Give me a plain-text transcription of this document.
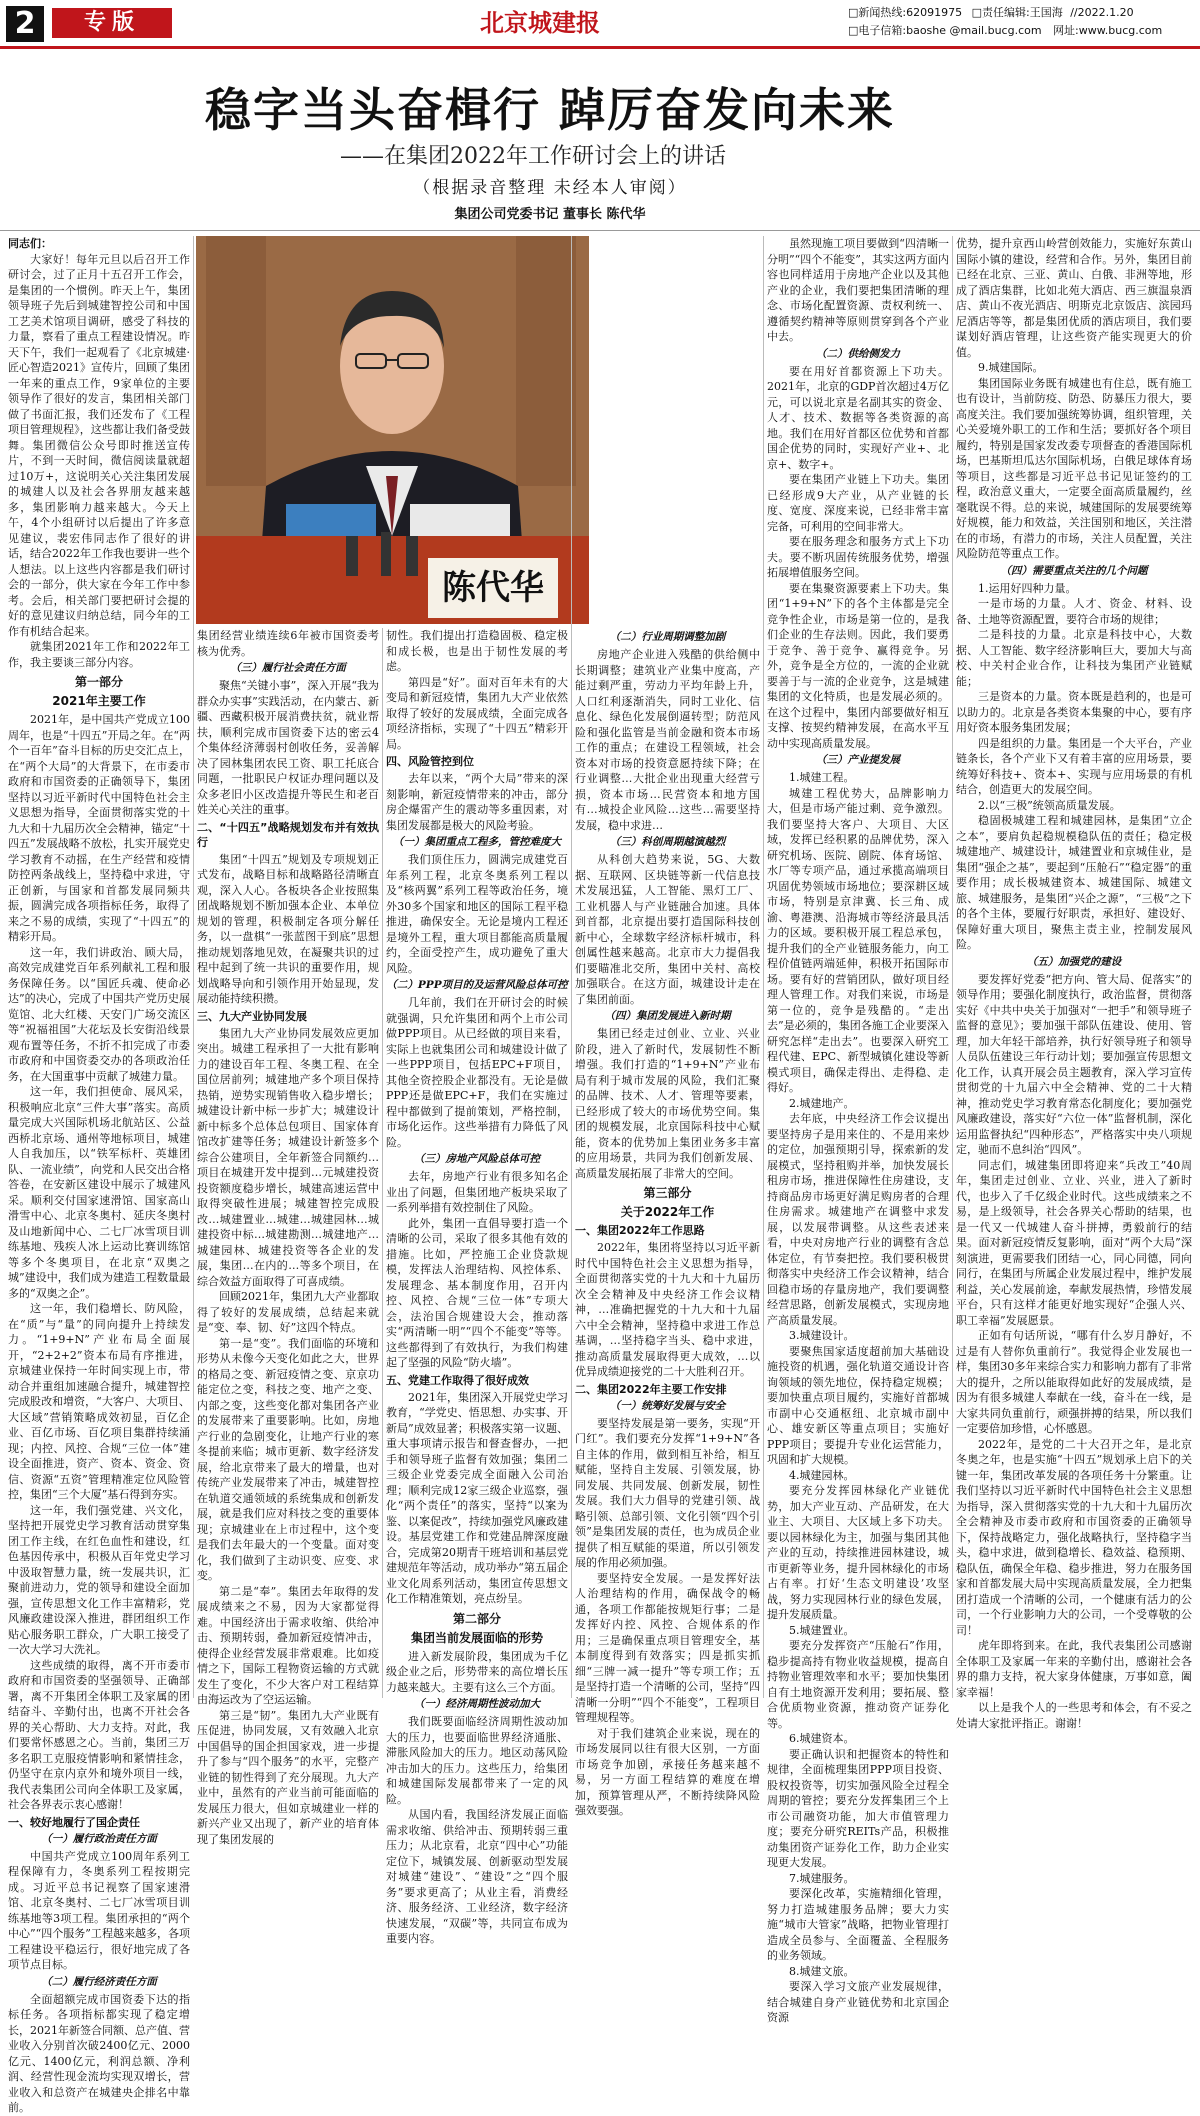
2	专版	北京城建报	□新闻热线:62091975 □责任编辑:王国海 //2022.1.20
□电子信箱:baoshe @mail.bucg.com 网址:www.bucg.com
稳字当头奋楫行 踔厉奋发向未来
——在集团2022年工作研讨会上的讲话
（根据录音整理 未经本人审阅）
集团公司党委书记 董事长 陈代华
陈代华

同志们：

大家好！每年元旦以后召开工作研讨会，过了正月十五召开工作会，是集团的一个惯例。昨天上午，集团领导班子先后到城建智控公司和中国工艺美术馆项目调研，感受了科技的力量，察看了重点工程建设情况。昨天下午，我们一起观看了《北京城建·匠心智造2021》宣传片，回顾了集团一年来的重点工作，9家单位的主要领导作了很好的发言，集团相关部门做了书面汇报，我们还发布了《工程项目管理规程》，这些都让我们备受鼓舞。集团微信公众号即时推送宣传片，不到一天时间，微信阅读量就超过10万+，这说明关心关注集团发展的城建人以及社会各界朋友越来越多，集团影响力越来越大。今天上午，4个小组研讨以后提出了许多意见建议，裴宏伟同志作了很好的讲话，结合2022年工作我也要讲一些个人想法。以上这些内容都是我们研讨会的一部分，供大家在今年工作中参考。会后，相关部门要把研讨会提的好的意见建议归纳总结，同今年的工作有机结合起来。

就集团2021年工作和2022年工作，我主要谈三部分内容。

第一部分
2021年主要工作

2021年，是中国共产党成立100周年，也是“十四五”开局之年。在“两个一百年”奋斗目标的历史交汇点上，在“两个大局”的大背景下，在市委市政府和市国资委的正确领导下，集团坚持以习近平新时代中国特色社会主义思想为指导，全面贯彻落实党的十九大和十九届历次全会精神，锚定“十四五”发展战略不放松，扎实开展党史学习教育不动摇，在生产经营和疫情防控两条战线上，坚持稳中求进，守正创新，与国家和首都发展同频共振，圆满完成各项指标任务，取得了来之不易的成绩，实现了“十四五”的精彩开局。

这一年，我们讲政治、顾大局，高效完成建党百年系列献礼工程和服务保障任务。以“国匠兵魂、使命必达”的决心，完成了中国共产党历史展览馆、北大红楼、天安门广场交流区等“祝福祖国”大花坛及长安街沿线景观布置等任务，不折不扣完成了市委市政府和中国资委交办的各项政治任务，在大国重事中贡献了城建力量。

这一年，我们担使命、展风采，积极响应北京“三件大事”落实。高质量完成大兴国际机场北航站区、公益西桥北京场、通州等地标项目，城建人自我加压，以“铁军标杆、英雄团队、一流业绩”，向党和人民交出合格答卷，在安新区建设中展示了城建风采。顺利交付国家速滑馆、国家高山滑雪中心、北京冬奥村、延庆冬奥村及山地新闻中心、二七厂冰雪项目训练基地、残疾人冰上运动比赛训练馆等多个冬奥项目，在北京“双奥之城”建设中，我们成为建造工程数量最多的“双奥之企”。

这一年，我们稳增长、防风险，在“质”与“量”的同向提升上持续发力。“1+9+N”产业布局全面展开，“2+2+2”资本布局有序推进，京城建业保持一年时间实现上市，带动合并重组加速融合提升，城建智控完成股改和增资，“大客户、大项目、大区域”营销策略成效初显，百亿企业、百亿市场、百亿项目集群持续涌现；内控、风控、合规“三位一体”建设全面推进，资产、资本、资金、资信、资源“五资”管理精准定位风险管控，集团“三个大厦”基石得到夯实。

这一年，我们强党建、兴文化，坚持把开展党史学习教育活动贯穿集团工作主线，在红色血性和建设，红色基因传承中，积极从百年党史学习中汲取智慧力量，统一发展共识，汇聚前进动力，党的领导和建设全面加强，宣传思想文化工作丰富精彩，党风廉政建设深入推进，群团组织工作贴心服务职工群众，广大职工接受了一次大学习大洗礼。

这些成绩的取得，离不开市委市政府和市国资委的坚强领导、正确部署，离不开集团全体职工及家属的团结奋斗、辛勤付出，也离不开社会各界的关心帮助、大力支持。对此，我们要常怀感恩之心。当前，集团三万多名职工克服疫情影响和紧情挂念，仍坚守在京内京外和境外项目一线，我代表集团公司向全体职工及家属，社会各界表示衷心感谢！

一、较好地履行了国企责任
（一）履行政治责任方面

中国共产党成立100周年系列工程保障有力，冬奥系列工程按期完成。习近平总书记视察了国家速滑馆、北京冬奥村、二七厂冰雪项目训练基地等3项工程。集团承担的“两个中心”“四个服务”工程越来越多，各项工程建设平稳运行，很好地完成了各项节点目标。

（二）履行经济责任方面

全面超额完成市国资委下达的指标任务。各项指标都实现了稳定增长，2021年新签合同额、总产值、营业收入分别首次破2400亿元、2000亿元、1400亿元，利润总额、净利润、经营性现金流均实现双增长，营业收入和总资产在城建央企排名中靠前。

集团经营业绩连续6年被市国资委考核为优秀。

（三）履行社会责任方面

聚焦“关键小事”，深入开展“我为群众办实事”实践活动，在内蒙古、新疆、西藏积极开展消费扶贫，就业帮扶，顺利完成市国资委下达的密云4个集体经济薄弱村创收任务，妥善解决了园林集团农民工资、职工托底合同题，一批职民户权证办理问题以及众多老旧小区改造提升等民生和老百姓关心关注的重事。

二、“十四五”战略规划发布并有效执行

集团“十四五”规划及专项规划正式发布，战略目标和战略路径清晰直观，深入人心。各板块各企业按照集团战略规划不断加强本企业、本单位规划的管理，积极制定各项分解任务，以一盘棋“一张蓝图干到底”思想推动规划落地见效，在凝聚共识的过程中起到了统一共识的重要作用，规划战略导向和引领作用开始显现，发展动能持续积攒。

三、九大产业协同发展

集团九大产业协同发展效应更加突出。城建工程承担了一大批有影响力的建设百年工程、冬奥工程、在全国位居前列；城建地产多个项目保持热销，逆势实现销售收入稳步增长；城建设计新中标一步扩大；城建设计新中标多个总体总包项目、国家体育馆改扩建等任务；城建设计新签多个综合公建项目，全年新签合同额约…项目在城建开发中提到…元城建投资投资额度稳步增长，城建高速运营中取得突破性进展；城建智控完成股改…城建置业…城建…城建园林…城建投资中标…城建勘测…城建地产…城建园林、城建投资等各企业的发展，集团…在内的…等多个项目，在综合效益方面取得了可喜成绩。

回顾2021年，集团九大产业都取得了较好的发展成绩，总结起来就是“变、奉、韧、好”这四个特点。

第一是“变”。我们面临的环境和形势从未像今天变化如此之大，世界的格局之变、新冠疫情之变、京京功能定位之变，科技之变、地产之变、内部之变，这些变化都对集团各产业的发展带来了重要影响。比如，房地产行业的急剧变化，让地产行业的寒冬提前来临；城市更新、数字经济发展，给北京带来了最大的增量，也对传统产业发展带来了冲击，城建智控在轨道交通领域的系统集成和创新发展，就是我们应对科技之变的重要体现；京城建业在上市过程中，这个变是我们去年最大的一个变量。面对变化，我们做到了主动识变、应变、求变。

第二是“奉”。集团去年取得的发展成绩来之不易，因为大家都觉得难。中国经济出于需求收缩、供给冲击、预期转弱，叠加新冠疫情冲击，使得企业经营发展非常艰难。比如疫情之下，国际工程物资运输的方式就发生了变化，不少大客户对工程结算由海运改为了空运运输。

第三是“韧”。集团九大产业既有压促进，协同发展，又有效融入北京中国倡导的国企担国家戏，进一步提升了参与“四个服务”的水平，完整产业链的韧性得到了充分展现。九大产业中，虽然有的产业当前可能面临的发展压力很大，但如京城建业一样的新兴产业又出现了，新产业的培育体现了集团发展的

韧性。我们提出打造稳固极、稳定极和成长极，也是出于韧性发展的考虑。

第四是“好”。面对百年未有的大变局和新冠疫情，集团九大产业依然取得了较好的发展成绩，全面完成各项经济指标，实现了“十四五”精彩开局。

四、风险管控到位

去年以来，“两个大局”带来的深刻影响，新冠疫情带来的冲击，部分房企爆雷产生的震动等多重因素，对集团发展都是极大的风险考验。

（一）集团重点工程多，管控难度大

我们顶住压力，圆满完成建党百年系列工程，北京冬奥系列工程以及“核两翼”系列工程等政治任务，境外30多个国家和地区的国际工程平稳推进，确保安全。无论是境内工程还是境外工程，重大项目都能高质量履约，全面受控产生，成功避免了重大风险。

（二）PPP项目的及运营风险总体可控

几年前，我们在开研讨会的时候就强调，只允许集团和两个上市公司做PPP项目。从已经做的项目来看，实际上也就集团公司和城建设计做了一些PPP项目，包括EPC+F项目，其他全资控股企业都没有。无论是做PPP还是做EPC+F，我们在实施过程中都做到了提前策划，严格控制，市场化运作。这些举措有力降低了风险。

（三）房地产风险总体可控

去年，房地产行业有很多知名企业出了问题，但集团地产板块采取了一系列举措有效控制住了风险。

此外，集团一直倡导要打造一个清晰的公司，采取了很多其他有效的措施。比如，严控施工企业贷款规模，发挥法人治理结构、风控体系、发展理念、基本制度作用，召开内控、风控、合规“三位一体”专项大会，法治国合规建设大会，推动落实“两清晰一明”“四个不能变”等等。这些都得到了有效执行，为我们构建起了坚强的风险“防火墙”。

五、党建工作取得了很好成效

2021年，集团深入开展党史学习教育，“学党史、悟思想、办实事、开新局”成效显著；积极落实第一议题、重大事项请示报告和督查督办，一把手和领导班子监督有效加强；集团二三级企业党委完成全面融入公司治理；顺利完成12家三级企业巡察，强化“两个责任”的落实，坚持“以案为鉴、以案促改”，持续加强党风廉政建设。基层党建工作和党建品牌深度融合，完成第20期青干班培训和基层党建规范年等活动，成功举办“第五届企业文化周系列活动，集团宣传思想文化工作精准策划，亮点纷呈。

第二部分
集团当前发展面临的形势

进入新发展阶段，集团成为千亿级企业之后，形势带来的高位增长压力越来越大。主要有这么三个方面。

（一）经济周期性波动加大

我们既要面临经济周期性波动加大的压力，也要面临世界经济通胀、滞胀风险加大的压力。地区动荡风险冲击加大的压力。这些压力，给集团和城建国际发展都带来了一定的风险。

从国内看，我国经济发展正面临需求收缩、供给冲击、预期转弱三重压力；从北京看，北京“四中心”功能定位下，城镇发展、创新驱动型发展对城建“建设”、“建设”之“四个服务”要求更高了；从业主看，消费经济、服务经济、工业经济，数字经济快速发展，“双碳”等，共同宣布成为重要内容。

（二）行业周期调整加剧

房地产企业进入残酷的供给侧中长期调整；建筑业产业集中度高，产能过剩严重，劳动力平均年龄上升，人口红利逐渐消失，同时工业化、信息化、绿色化发展倒逼转型；防范风险和强化监管是当前金融和资本市场工作的重点；在建设工程领域，社会资本对市场的投资意愿持续下降；在行业调整…大批企业出现重大经营亏损，资本市场…民营资本和地方国有…城投企业风险…这些…需要坚持发展，稳中求进…

（三）科创周期越演越烈

从科创大趋势来说，5G、大数据、互联网、区块链等新一代信息技术发展迅猛，人工智能、黑灯工厂、工业机器人与产业链融合加速。具体到首都，北京提出要打造国际科技创新中心，全球数字经济标杆城市，科创属性越来越高。北京市大力提倡我们要瞄准北交所，集团中关村、高校加强联合。在这方面，城建设计走在了集团前面。

（四）集团发展进入新时期

集团已经走过创业、立业、兴业阶段，进入了新时代，发展韧性不断增强。我们打造的“1+9+N”产业布局有利于城市发展的风险，我们汇聚的品牌、技术、人才、管理等要素，已经形成了较大的市场优势空间。集团的规模发展，北京国际科技中心赋能，资本的优势加上集团业务多丰富的应用场景，共同为我们创新发展、高质量发展拓展了非常大的空间。

第三部分
关于2022年工作
一、集团2022年工作思路

2022年，集团将坚持以习近平新时代中国特色社会主义思想为指导，全面贯彻落实党的十九大和十九届历次全会精神及中央经济工作会议精神，…准确把握党的十九大和十九届六中全会精神，坚持稳中求进工作总基调，…坚持稳字当头、稳中求进，推动高质量发展取得更大成效，…以优异成绩迎接党的二十大胜利召开。

二、集团2022年主要工作安排
（一）统筹好发展与安全

要坚持发展是第一要务，实现“开门红”。我们要充分发挥“1+9+N”各自主体的作用，做到相互补给，相互赋能，坚持自主发展、引领发展，协同发展、共同发展、创新发展，韧性发展。我们大力倡导的党建引领、战略引领、总部引领、文化引领“四个引领”是集团发展的责任，也为成员企业提供了相互赋能的渠道，所以引领发展的作用必须加强。

要坚持安全发展。一是发挥好法人治理结构的作用，确保战令的畅通，各项工作都能按规矩行事；二是发挥好内控、风控、合规体系的作用；三是确保重点项目管理安全，基本制度得到有效落实；四是抓实抓细“三牌一减一提升”等专项工作；五是坚持打造一个清晰的公司，坚持“四清晰一分明”“四个不能变”，工程项目管理规程等。

对于我们建筑企业来说，现在的市场发展同以往有很大区别，一方面市场竞争加剧，承接任务越来越不易，另一方面工程结算的难度在增加，预算管理从严，不断持续降风险强效要强。

虽然现施工项目要做到“四清晰一分明”“四个不能变”，其实这两方面内容也同样适用于房地产企业以及其他产业的企业，我们要把集团清晰的理念、市场化配置资源、责权利统一、遵循契约精神等原则贯穿到各个产业中去。

（二）供给侧发力

要在用好首都资源上下功夫。2021年，北京的GDP首次超过4万亿元，可以说北京是名副其实的资金、人才、技术、数据等各类资源的高地。我们在用好首都区位优势和首都国企优势的同时，实现好产业+、北京+、数字+。

要在集团产业链上下功夫。集团已经形成9大产业，从产业链的长度、宽度、深度来说，已经非常丰富完备，可利用的空间非常大。

要在服务理念和服务方式上下功夫。要不断巩固传统服务优势，增强拓展增值服务空间。

要在集聚资源要素上下功夫。集团“1+9+N”下的各个主体都是完全竞争性企业，市场是第一位的，是我们企业的生存法则。因此，我们要勇于竞争、善于竞争、赢得竞争。另外，竞争是全方位的，一流的企业就要善于与一流的企业竞争，这是城建集团的文化特质，也是发展必须的。在这个过程中，集团内部要做好相互支撑、按契约精神发展，在高水平互动中实现高质量发展。

（三）产业提发展

1.城建工程。

城建工程优势大，品牌影响力大，但是市场产能过剩、竞争激烈。我们要坚持大客户、大项目、大区域，发挥已经积累的品牌优势，深入研究机场、医院、剧院、体育场馆、水厂等专项产品，通过承揽高端项目巩固优势领域市场地位；要深耕区域市场，特别是京津冀、长三角、成渝、粤港澳、沿海城市等经济最具活力的区域。要积极开展工程总承包，提升我们的全产业链服务能力，向工程价值链两端延伸，积极开拓国际市场。要有好的营销团队，做好项目经理人管理工作。对我们来说，市场是第一位的，竞争是残酷的。“走出去”是必须的，集团各施工企业要深入研究怎样“走出去”。也要深入研究工程代建、EPC、新型城镇化建设等新模式项目，确保走得出、走得稳、走得好。

2.城建地产。

去年底，中央经济工作会议提出要坚持房子是用来住的、不是用来炒的定位，加强预期引导，探索新的发展模式，坚持租购并举，加快发展长租房市场，推进保障性住房建设，支持商品房市场更好满足购房者的合理住房需求。城建地产在调整中求发展，以发展带调整。从这些表述来看，中央对房地产行业的调整有含总体定位，有节奏把控。我们要积极贯彻落实中央经济工作会议精神，结合回稳市场的存量房地产，我们要调整经营思路，创新发展模式，实现房地产高质量发展。

3.城建设计。

要聚焦国家适度超前加大基础设施投资的机遇，强化轨道交通设计咨询领域的领先地位，保持稳定规模；要加快重点项目履约，实施好首都城市副中心交通枢纽、北京城市副中心、雄安新区等重点项目；实施好 PPP项目；要提升专业化运营能力，巩固和扩大规模。

4.城建园林。

要充分发挥园林绿化产业链优势，加大产业互动、产品研发，在大业主、大项目、大区域上多下功夫。要以园林绿化为主，加强与集团其他产业的互动，持续推进园林建设，城市更新等业务，提升园林绿化的市场占有率。打好‘生态文明建设’攻坚战，努力实现园林行业的绿色发展，提升发展质量。

5.城建置业。

要充分发挥资产“压舱石”作用，稳步提高持有物业收益规模，提高自持物业管理效率和水平；要加快集团自有土地资源开发利用；要拓展、整合优质物业资源，推动资产证券化等。

6.城建资本。

要正确认识和把握资本的特性和规律，全面梳理集团PPP项目投资、股权投资等，切实加强风险全过程全周期的管控；要充分发挥集团三个上市公司融资功能，加大市值管理力度；要充分研究REITs产品，积极推动集团资产证券化工作，助力企业实现更大发展。

7.城建服务。

要深化改革，实施精细化管理，努力打造城建服务品牌；要大力实施“城市大管家”战略，把物业管理打造成全员参与、全面覆盖、全程服务的业务领域。

8.城建文旅。

要深入学习文旅产业发展规律，结合城建自身产业链优势和北京国企资源

优势，提升京西山岭营创效能力，实施好东黄山国际小镇的建设，经营和合作。另外，集团目前已经在北京、三亚、黄山、白俄、非洲等地，形成了酒店集群，比如北苑大酒店、西三旗温泉酒店、黄山不夜光酒店、明斯克北京饭店、滨园玛尼酒店等等，都是集团优质的酒店项目，我们要谋划好酒店管理，让这些资产能实现更大的价值。

9.城建国际。

集团国际业务既有城建也有住总，既有施工也有设计，当前防疫、防恐、防暴压力很大，要高度关注。我们要加强统筹协调，组织管理，关心关爱境外职工的工作和生活；要抓好各个项目履约，特别是国家发改委专项督查的香港国际机场，巴基斯坦瓜达尔国际机场，白俄足球体育场等项目，这些都是习近平总书记见证签约的工程，政治意义重大，一定要全面高质量履约，丝毫耽误不得。总的来说，城建国际的发展要统筹好规模，能力和效益，关注国别和地区，关注潜在的市场，有潜力的市场，关注人员配置，关注风险防范等重点工作。

（四）需要重点关注的几个问题

1.运用好四种力量。

一是市场的力量。人才、资金、材料、设备、土地等资源配置，要符合市场的规律；

二是科技的力量。北京是科技中心，大数据、人工智能、数字经济影响巨大，要加大与高校、中关村企业合作，让科技为集团产业链赋能；

三是资本的力量。资本既是趋利的，也是可以助力的。北京是各类资本集聚的中心，要有序用好资本服务集团发展；

四是组织的力量。集团是一个大平台，产业链条长，各个产业下又有着丰富的应用场景，要统筹好科技+、资本+、实现与应用场景的有机结合，创造更大的发展空间。

2.以“三极”统领高质量发展。

稳固极城建工程和城建园林，是集团“立企之本”，要肩负起稳规模稳队伍的责任；稳定极城建地产、城建设计，城建置业和京城佳业，是集团“强企之基”，要起到“压舱石”“稳定器”的重要作用；成长极城建资本、城建国际、城建文旅、城建服务，是集团“兴企之源”，“三极”之下的各个主体，要履行好职责，承担好、建设好、保障好重大项目，聚焦主责主业，控制发展风险。

（五）加强党的建设

要发挥好党委“把方向、管大局、促落实”的领导作用；要强化制度执行，政治监督，贯彻落实好《中共中央关于加强对“一把手”和领导班子监督的意见》；要加强干部队伍建设、使用、管理，加大年轻干部培养，执行好领导班子和领导人员队伍建设三年行动计划；要加强宣传思想文化工作，认真开展会员主题教育，深入学习宣传贯彻党的十九届六中全会精神、党的二十大精神，推动党史学习教育常态化制度化；要加强党风廉政建设，落实好“六位一体”监督机制，深化运用监督执纪“四种形态”，严格落实中央八项规定，驰而不息纠治“四风”。

同志们，城建集团即将迎来“兵改工”40周年，集团走过创业、立业、兴业，进入了新时代，也步入了千亿级企业时代。这些成绩来之不易，是上级领导，社会各界关心帮助的结果，也是一代又一代城建人奋斗拼搏，勇毅前行的结果。面对新冠疫情反复影响，面对“两个大局”深刻演进，更需要我们团结一心，同心同德，同向同行，在集团与所属企业发展过程中，维护发展利益，关心发展前途，奉献发展热情，珍惜发展平台，只有这样才能更好地实现好“企强人兴、职工幸福”发展愿景。

正如有句话所说，“哪有什么岁月静好，不过是有人替你负重前行”。我觉得企业发展也一样，集团30多年来综合实力和影响力都有了非常大的提升，之所以能取得如此好的发展成绩，是因为有很多城建人奉献在一线，奋斗在一线，是大家共同负重前行，顽强拼搏的结果，所以我们一定要倍加珍惜，心怀感恩。

2022年，是党的二十大召开之年，是北京冬奥之年，也是实施“十四五”规划承上启下的关键一年，集团改革发展的各项任务十分繁重。让我们坚持以习近平新时代中国特色社会主义思想为指导，深入贯彻落实党的十九大和十九届历次全会精神及市委市政府和市国资委的正确领导下，保持战略定力，强化战略执行，坚持稳字当头，稳中求进，做到稳增长、稳效益、稳预期、稳队伍，确保全年稳、稳步推进，努力在服务国家和首都发展大局中实现高质量发展，全力把集团打造成一个清晰的公司，一个健康有活力的公司，一个行业影响力大的公司，一个受尊敬的公司！

虎年即将到来。在此，我代表集团公司感谢全体职工及家属一年来的辛勤付出，感谢社会各界的鼎力支持，祝大家身体健康，万事如意，阖家幸福！

以上是我个人的一些思考和体会，有不妥之处请大家批评指正。谢谢！
